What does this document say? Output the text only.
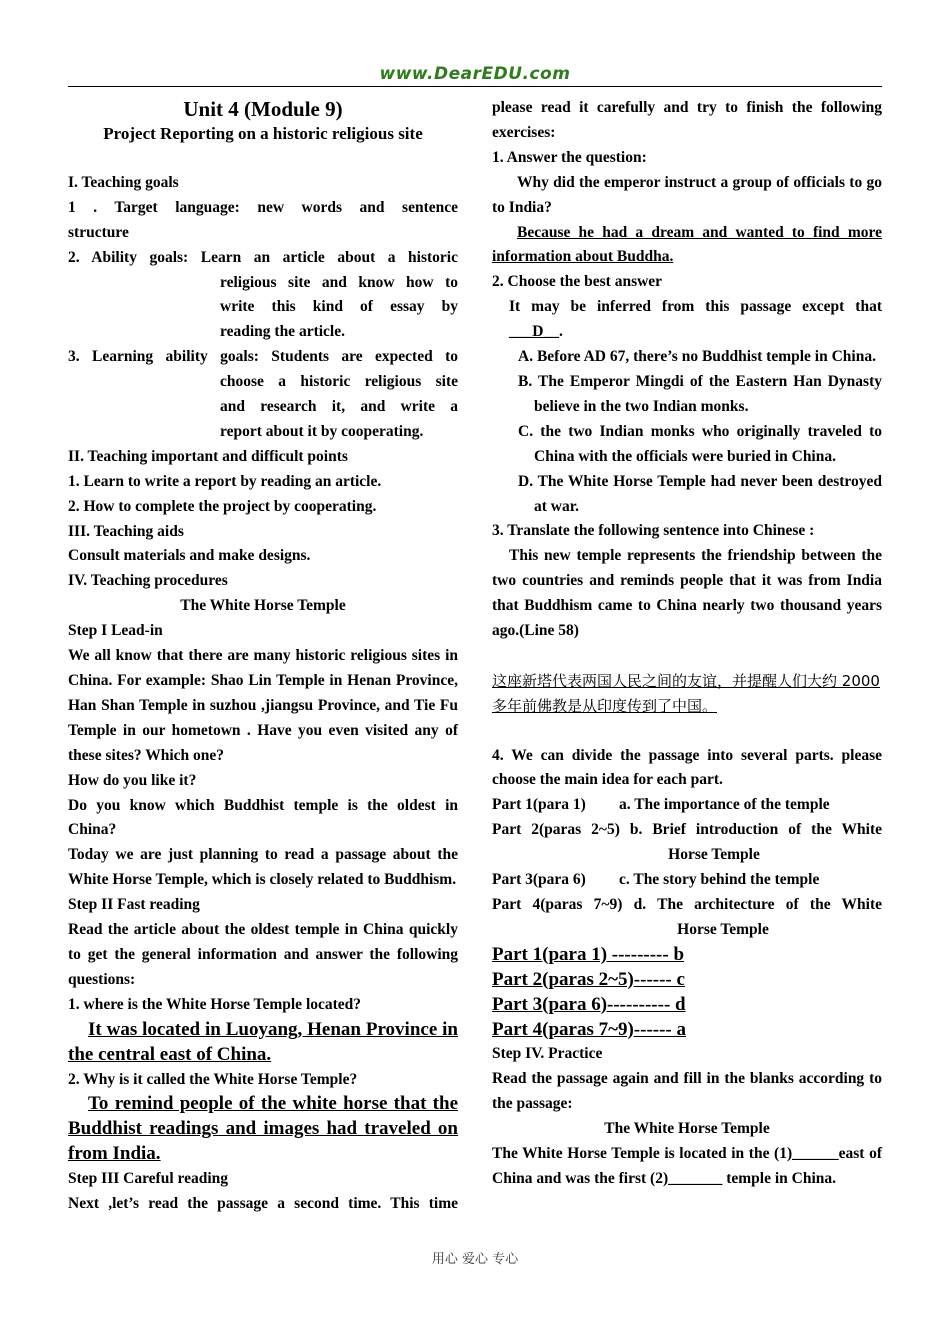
www.DearEDU.com

Unit 4 (Module 9)

Project Reporting on a historic religious site

I. Teaching goals

1 . Target language: new words and sentence

structure

2. Ability goals: Learn an article about a historic

religious site and know how to

write this kind of essay by

reading the article.

3. Learning ability goals: Students are expected to

choose a historic religious site

and research it, and write a

report about it by cooperating.

II. Teaching important and difficult points

1. Learn to write a report by reading an article.

2. How to complete the project by cooperating.

III. Teaching aids

Consult materials and make designs.

IV. Teaching procedures

The White Horse Temple

Step I Lead-in

We all know that there are many historic religious sites in China. For example: Shao Lin Temple in Henan Province, Han Shan Temple in suzhou ,jiangsu Province, and Tie Fu Temple in our hometown . Have you even visited any of these sites? Which one?

How do you like it?

Do you know which Buddhist temple is the oldest in China?

Today we are just planning to read a passage about the White Horse Temple, which is closely related to Buddhism.

Step II Fast reading

Read the article about the oldest temple in China quickly to get the general information and answer the following questions:

1. where is the White Horse Temple located?

It was located in Luoyang, Henan Province in the central east of China.

2. Why is it called the White Horse Temple?

To remind people of the white horse that the Buddhist readings and images had traveled on from India.

Step III Careful reading

Next ,let’s read the passage a second time. This time

please read it carefully and try to finish the following exercises:

1. Answer the question:

Why did the emperor instruct a group of officials to go to India?

Because he had a dream and wanted to find more information about Buddha.

2. Choose the best answer

It may be inferred from this passage except that

___D__.

A. Before AD 67, there’s no Buddhist temple in China.

B. The Emperor Mingdi of the Eastern Han Dynasty believe in the two Indian monks.

C. the two Indian monks who originally traveled to China with the officials were buried in China.

D. The White Horse Temple had never been destroyed at war.

3. Translate the following sentence into Chinese :

This new temple represents the friendship between the two countries and reminds people that it was from India that Buddhism came to China nearly two thousand years ago.(Line 58)

这座新塔代表两国人民之间的友谊，并提醒人们大约 2000 多年前佛教是从印度传到了中国。

4. We can divide the passage into several parts. please choose the main idea for each part.

Part 1(para 1) a. The importance of the temple

Part 2(paras 2~5) b. Brief introduction of the White

Horse Temple

Part 3(para 6) c. The story behind the temple

Part 4(paras 7~9) d. The architecture of the White

Horse Temple

Part 1(para 1) --------- b

Part 2(paras 2~5)------ c

Part 3(para 6)---------- d

Part 4(paras 7~9)------ a

Step IV. Practice

Read the passage again and fill in the blanks according to the passage:

The White Horse Temple

The White Horse Temple is located in the (1)______east of China and was the first (2)_______ temple in China.

用心 爱心 专心
